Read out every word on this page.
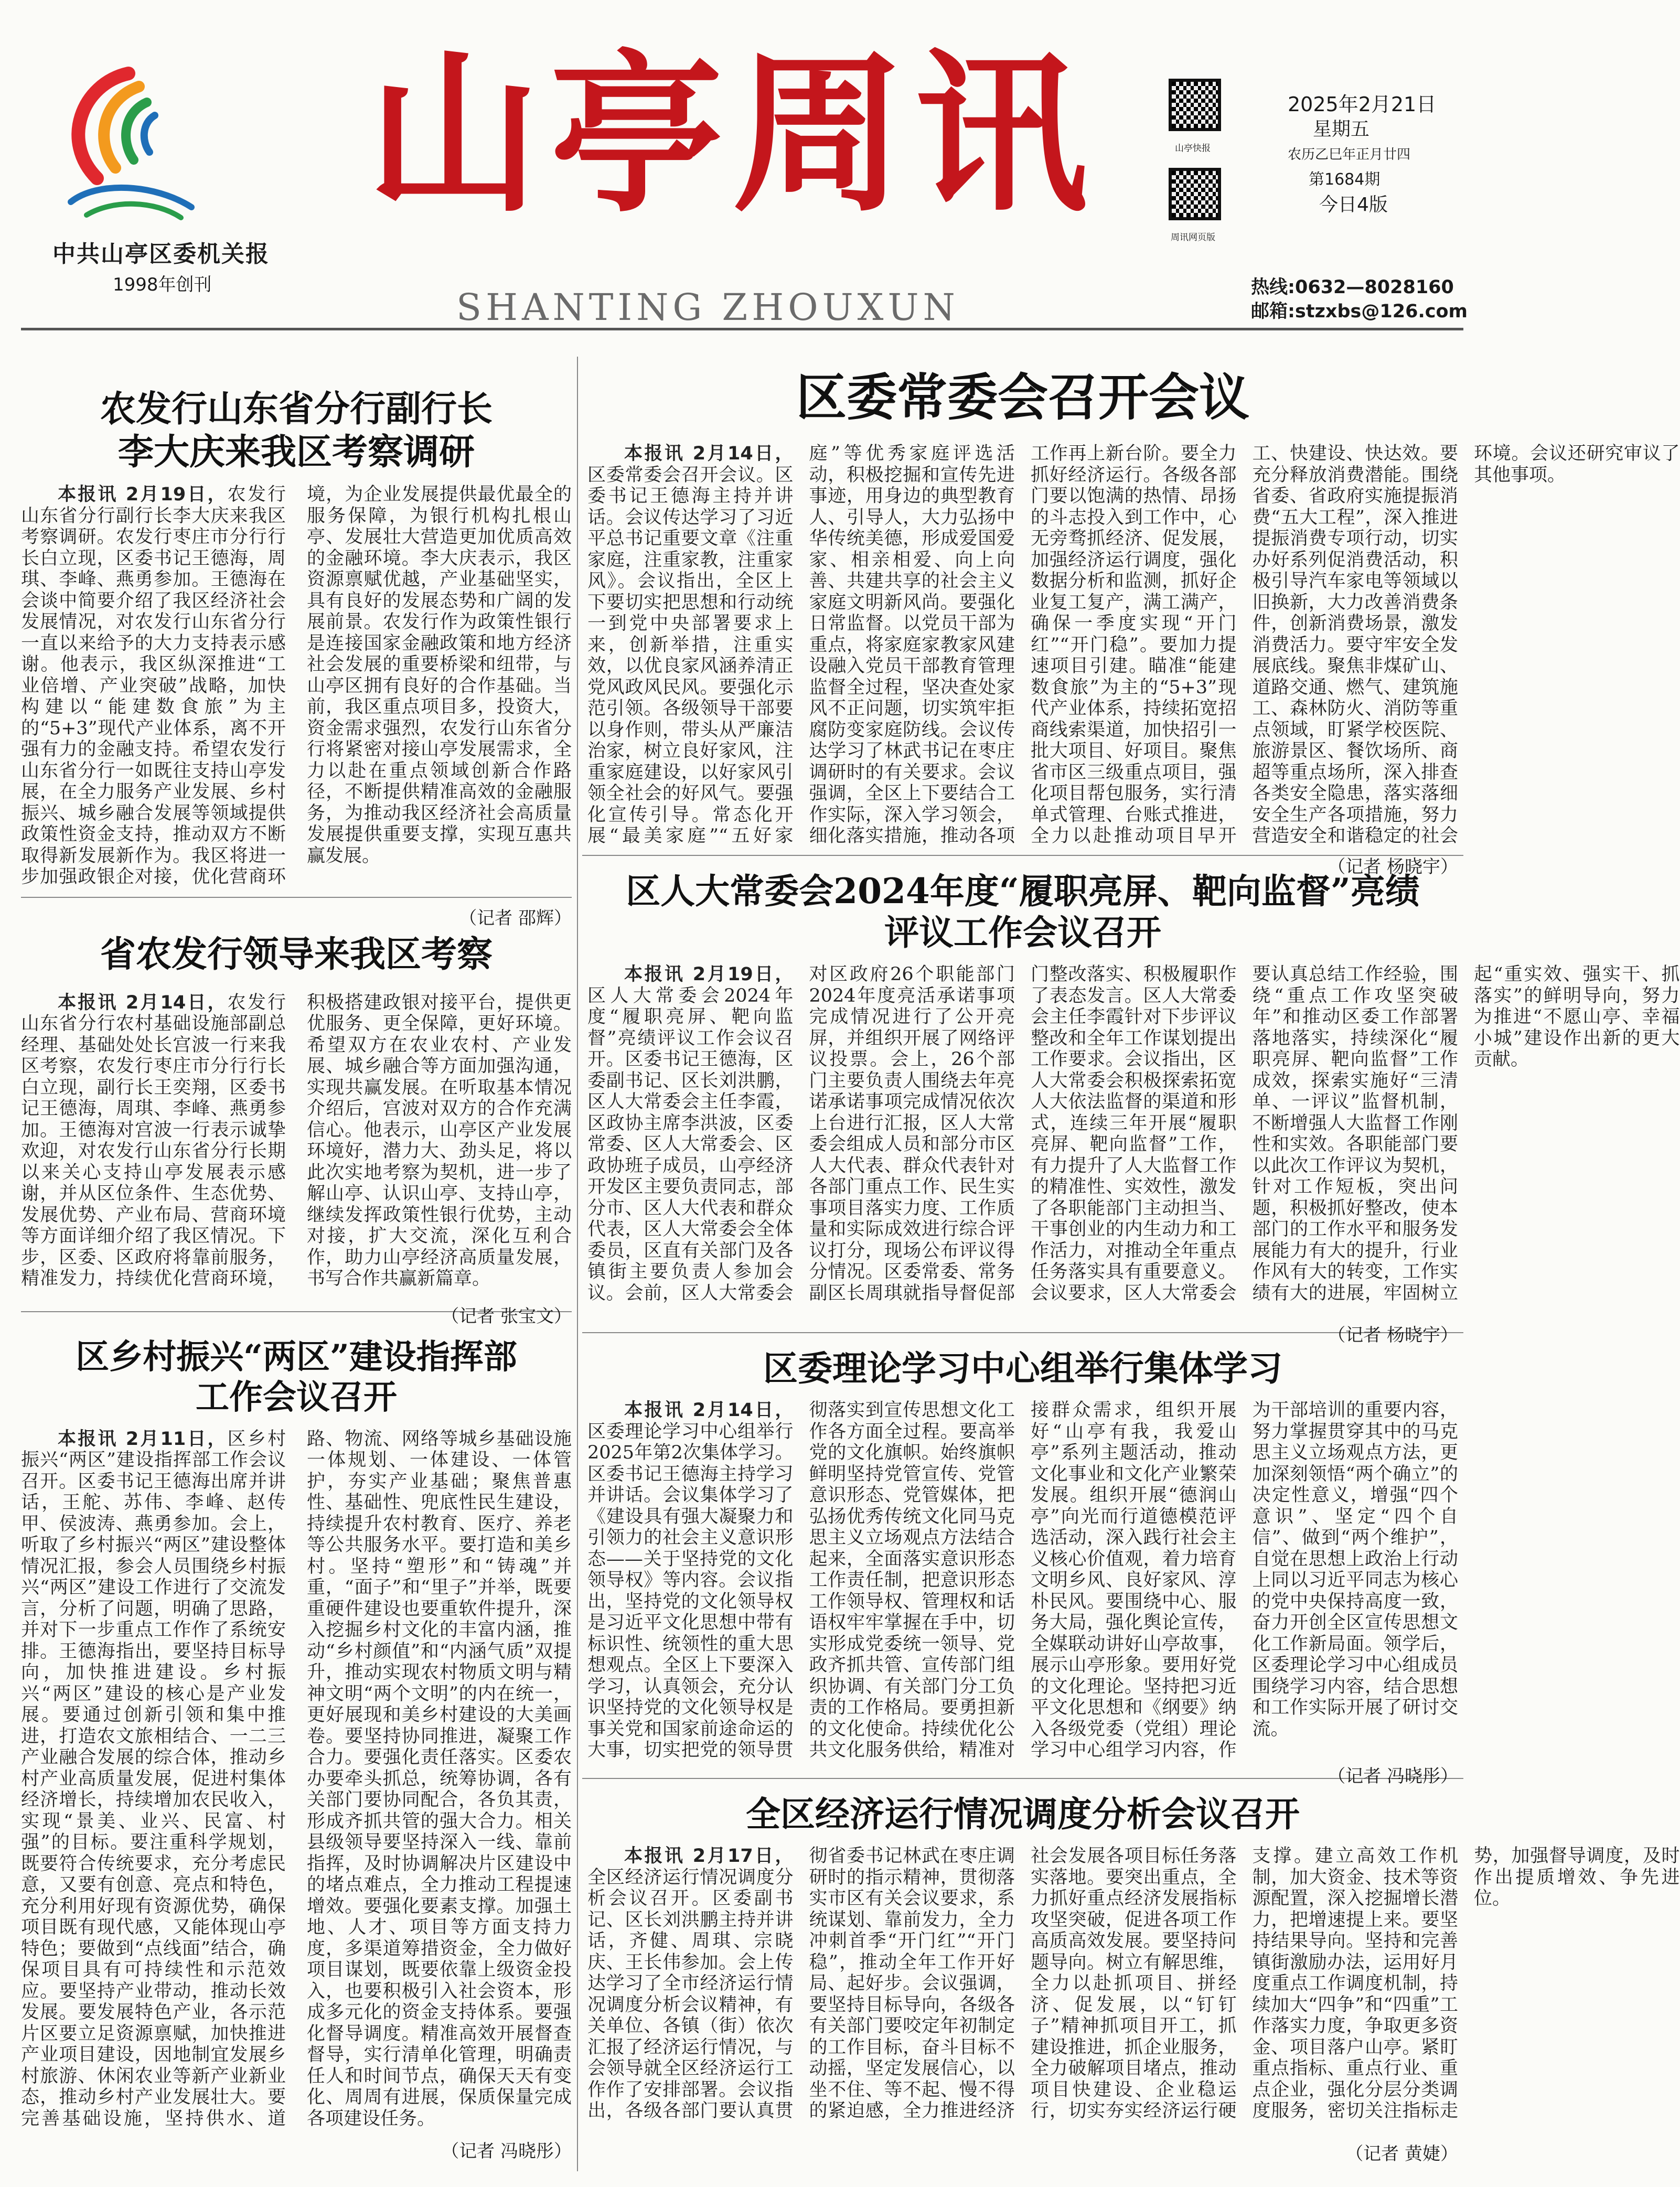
中共山亭区委机关报
1998年创刊
山亭周讯
SHANTING ZHOUXUN
山亭快报
周讯网页版
2025年2月21日
星期五
农历乙巳年正月廿四
第1684期
今日4版
热线:0632—8028160
邮箱:stzxbs@126.com
农发行山东省分行副行长
李大庆来我区考察调研

本报讯 2月19日，农发行山东省分行副行长李大庆来我区考察调研。农发行枣庄市分行行长白立现，区委书记王德海，周琪、李峰、燕勇参加。王德海在会谈中简要介绍了我区经济社会发展情况，对农发行山东省分行一直以来给予的大力支持表示感谢。他表示，我区纵深推进“工业倍增、产业突破”战略，加快构建以“能建数食旅”为主的“5+3”现代产业体系，离不开强有力的金融支持。希望农发行山东省分行一如既往支持山亭发展，在全力服务产业发展、乡村振兴、城乡融合发展等领域提供政策性资金支持，推动双方不断取得新发展新作为。我区将进一步加强政银企对接，优化营商环境，为企业发展提供最优最全的服务保障，为银行机构扎根山亭、发展壮大营造更加优质高效的金融环境。李大庆表示，我区资源禀赋优越，产业基础坚实，具有良好的发展态势和广阔的发展前景。农发行作为政策性银行是连接国家金融政策和地方经济社会发展的重要桥梁和纽带，与山亭区拥有良好的合作基础。当前，我区重点项目多，投资大，资金需求强烈，农发行山东省分行将紧密对接山亭发展需求，全力以赴在重点领域创新合作路径，不断提供精准高效的金融服务，为推动我区经济社会高质量发展提供重要支撑，实现互惠共赢发展。

（记者 邵辉）
省农发行领导来我区考察

本报讯 2月14日，农发行山东省分行农村基础设施部副总经理、基础处处长宫波一行来我区考察，农发行枣庄市分行行长白立现，副行长王奕翔，区委书记王德海，周琪、李峰、燕勇参加。王德海对宫波一行表示诚挚欢迎，对农发行山东省分行长期以来关心支持山亭发展表示感谢，并从区位条件、生态优势、发展优势、产业布局、营商环境等方面详细介绍了我区情况。下步，区委、区政府将靠前服务，精准发力，持续优化营商环境，积极搭建政银对接平台，提供更优服务、更全保障，更好环境。希望双方在农业农村、产业发展、城乡融合等方面加强沟通，实现共赢发展。在听取基本情况介绍后，宫波对双方的合作充满信心。他表示，山亭区产业发展环境好，潜力大、劲头足，将以此次实地考察为契机，进一步了解山亭、认识山亭、支持山亭，继续发挥政策性银行优势，主动对接，扩大交流，深化互利合作，助力山亭经济高质量发展，书写合作共赢新篇章。

（记者 张宝文）
区乡村振兴“两区”建设指挥部
工作会议召开

本报讯 2月11日，区乡村振兴“两区”建设指挥部工作会议召开。区委书记王德海出席并讲话，王舵、苏伟、李峰、赵传甲、侯波涛、燕勇参加。会上，听取了乡村振兴“两区”建设整体情况汇报，参会人员围绕乡村振兴“两区”建设工作进行了交流发言，分析了问题，明确了思路，并对下一步重点工作作了系统安排。王德海指出，要坚持目标导向，加快推进建设。乡村振兴“两区”建设的核心是产业发展。要通过创新引领和集中推进，打造农文旅相结合、一二三产业融合发展的综合体，推动乡村产业高质量发展，促进村集体经济增长，持续增加农民收入，实现“景美、业兴、民富、村强”的目标。要注重科学规划，既要符合传统要求，充分考虑民意，又要有创意、亮点和特色，充分利用好现有资源优势，确保项目既有现代感，又能体现山亭特色；要做到“点线面”结合，确保项目具有可持续性和示范效应。要坚持产业带动，推动长效发展。要发展特色产业，各示范片区要立足资源禀赋，加快推进产业项目建设，因地制宜发展乡村旅游、休闲农业等新产业新业态，推动乡村产业发展壮大。要完善基础设施，坚持供水、道路、物流、网络等城乡基础设施一体规划、一体建设、一体管护，夯实产业基础；聚焦普惠性、基础性、兜底性民生建设，持续提升农村教育、医疗、养老等公共服务水平。要打造和美乡村。坚持“塑形”和“铸魂”并重，“面子”和“里子”并举，既要重硬件建设也要重软件提升，深入挖掘乡村文化的丰富内涵，推动“乡村颜值”和“内涵气质”双提升，推动实现农村物质文明与精神文明“两个文明”的内在统一，更好展现和美乡村建设的大美画卷。要坚持协同推进，凝聚工作合力。要强化责任落实。区委农办要牵头抓总，统筹协调，各有关部门要协同配合，各负其责，形成齐抓共管的强大合力。相关县级领导要坚持深入一线、靠前指挥，及时协调解决片区建设中的堵点难点，全力推动工程提速增效。要强化要素支撑。加强土地、人才、项目等方面支持力度，多渠道筹措资金，全力做好项目谋划，既要依靠上级资金投入，也要积极引入社会资本，形成多元化的资金支持体系。要强化督导调度。精准高效开展督查督导，实行清单化管理，明确责任人和时间节点，确保天天有变化、周周有进展，保质保量完成各项建设任务。

（记者 冯晓彤）
区委常委会召开会议

本报讯 2月14日，区委常委会召开会议。区委书记王德海主持并讲话。会议传达学习了习近平总书记重要文章《注重家庭，注重家教，注重家风》。会议指出，全区上下要切实把思想和行动统一到党中央部署要求上来，创新举措，注重实效，以优良家风涵养清正党风政风民风。要强化示范引领。各级领导干部要以身作则，带头从严廉洁治家，树立良好家风，注重家庭建设，以好家风引领全社会的好风气。要强化宣传引导。常态化开展“最美家庭”“五好家庭”等优秀家庭评选活动，积极挖掘和宣传先进事迹，用身边的典型教育人、引导人，大力弘扬中华传统美德，形成爱国爱家、相亲相爱、向上向善、共建共享的社会主义家庭文明新风尚。要强化日常监督。以党员干部为重点，将家庭家教家风建设融入党员干部教育管理监督全过程，坚决查处家风不正问题，切实筑牢拒腐防变家庭防线。会议传达学习了林武书记在枣庄调研时的有关要求。会议强调，全区上下要结合工作实际，深入学习领会，细化落实措施，推动各项工作再上新台阶。要全力抓好经济运行。各级各部门要以饱满的热情、昂扬的斗志投入到工作中，心无旁骛抓经济、促发展，加强经济运行调度，强化数据分析和监测，抓好企业复工复产，满工满产，确保一季度实现“开门红”“开门稳”。要加力提速项目引建。瞄准“能建数食旅”为主的“5+3”现代产业体系，持续拓宽招商线索渠道，加快招引一批大项目、好项目。聚焦省市区三级重点项目，强化项目帮包服务，实行清单式管理、台账式推进，全力以赴推动项目早开工、快建设、快达效。要充分释放消费潜能。围绕省委、省政府实施提振消费“五大工程”，深入推进提振消费专项行动，切实办好系列促消费活动，积极引导汽车家电等领域以旧换新，大力改善消费条件，创新消费场景，激发消费活力。要守牢安全发展底线。聚焦非煤矿山、道路交通、燃气、建筑施工、森林防火、消防等重点领域，盯紧学校医院、旅游景区、餐饮场所、商超等重点场所，深入排查各类安全隐患，落实落细安全生产各项措施，努力营造安全和谐稳定的社会环境。会议还研究审议了其他事项。

（记者 杨晓宇）
区人大常委会2024年度“履职亮屏、靶向监督”亮绩
评议工作会议召开

本报讯 2月19日，区人大常委会2024年度“履职亮屏、靶向监督”亮绩评议工作会议召开。区委书记王德海，区委副书记、区长刘洪鹏，区人大常委会主任李霞，区政协主席李洪波，区委常委、区人大常委会、区政协班子成员，山亭经济开发区主要负责同志，部分市、区人大代表和群众代表，区人大常委会全体委员，区直有关部门及各镇街主要负责人参加会议。会前，区人大常委会对区政府26个职能部门2024年度亮活承诺事项完成情况进行了公开亮屏，并组织开展了网络评议投票。会上，26个部门主要负责人围绕去年亮诺承诺事项完成情况依次上台进行汇报，区人大常委会组成人员和部分市区人大代表、群众代表针对各部门重点工作、民生实事项目落实力度、工作质量和实际成效进行综合评议打分，现场公布评议得分情况。区委常委、常务副区长周琪就指导督促部门整改落实、积极履职作了表态发言。区人大常委会主任李霞针对下步评议整改和全年工作谋划提出工作要求。会议指出，区人大常委会积极探索拓宽人大依法监督的渠道和形式，连续三年开展“履职亮屏、靶向监督”工作，有力提升了人大监督工作的精准性、实效性，激发了各职能部门主动担当、干事创业的内生动力和工作活力，对推动全年重点任务落实具有重要意义。会议要求，区人大常委会要认真总结工作经验，围绕“重点工作攻坚突破年”和推动区委工作部署落地落实，持续深化“履职亮屏、靶向监督”工作成效，探索实施好“三清单、一评议”监督机制，不断增强人大监督工作刚性和实效。各职能部门要以此次工作评议为契机，针对工作短板，突出问题，积极抓好整改，使本部门的工作水平和服务发展能力有大的提升，行业作风有大的转变，工作实绩有大的进展，牢固树立起“重实效、强实干、抓落实”的鲜明导向，努力为推进“不愿山亭、幸福小城”建设作出新的更大贡献。

（记者 杨晓宇）
区委理论学习中心组举行集体学习

本报讯 2月14日，区委理论学习中心组举行2025年第2次集体学习。区委书记王德海主持学习并讲话。会议集体学习了《建设具有强大凝聚力和引领力的社会主义意识形态——关于坚持党的文化领导权》等内容。会议指出，坚持党的文化领导权是习近平文化思想中带有标识性、统领性的重大思想观点。全区上下要深入学习，认真领会，充分认识坚持党的文化领导权是事关党和国家前途命运的大事，切实把党的领导贯彻落实到宣传思想文化工作各方面全过程。要高举党的文化旗帜。始终旗帜鲜明坚持党管宣传、党管意识形态、党管媒体，把弘扬优秀传统文化同马克思主义立场观点方法结合起来，全面落实意识形态工作责任制，把意识形态工作领导权、管理权和话语权牢牢掌握在手中，切实形成党委统一领导、党政齐抓共管、宣传部门组织协调、有关部门分工负责的工作格局。要勇担新的文化使命。持续优化公共文化服务供给，精准对接群众需求，组织开展好“山亭有我，我爱山亭”系列主题活动，推动文化事业和文化产业繁荣发展。组织开展“德润山亭”向光而行道德模范评选活动，深入践行社会主义核心价值观，着力培育文明乡风、良好家风、淳朴民风。要围绕中心、服务大局，强化舆论宣传，全媒联动讲好山亭故事，展示山亭形象。要用好党的文化理论。坚持把习近平文化思想和《纲要》纳入各级党委（党组）理论学习中心组学习内容，作为干部培训的重要内容，努力掌握贯穿其中的马克思主义立场观点方法，更加深刻领悟“两个确立”的决定性意义，增强“四个意识”、坚定“四个自信”、做到“两个维护”，自觉在思想上政治上行动上同以习近平同志为核心的党中央保持高度一致，奋力开创全区宣传思想文化工作新局面。领学后，区委理论学习中心组成员围绕学习内容，结合思想和工作实际开展了研讨交流。

（记者 冯晓彤）
全区经济运行情况调度分析会议召开

本报讯 2月17日，全区经济运行情况调度分析会议召开。区委副书记、区长刘洪鹏主持并讲话，齐健、周琪、宗晓庆、王长伟参加。会上传达学习了全市经济运行情况调度分析会议精神，有关单位、各镇（街）依次汇报了经济运行情况，与会领导就全区经济运行工作作了安排部署。会议指出，各级各部门要认真贯彻省委书记林武在枣庄调研时的指示精神，贯彻落实市区有关会议要求，系统谋划、靠前发力，全力冲刺首季“开门红”“开门稳”，推动全年工作开好局、起好步。会议强调，要坚持目标导向，各级各有关部门要咬定年初制定的工作目标，奋斗目标不动摇，坚定发展信心，以坐不住、等不起、慢不得的紧迫感，全力推进经济社会发展各项目标任务落实落地。要突出重点，全力抓好重点经济发展指标攻坚突破，促进各项工作高质高效发展。要坚持问题导向。树立有解思维，全力以赴抓项目、拼经济、促发展，以“钉钉子”精神抓项目开工，抓建设推进，抓企业服务，全力破解项目堵点，推动项目快建设、企业稳运行，切实夯实经济运行硬支撑。建立高效工作机制，加大资金、技术等资源配置，深入挖掘增长潜力，把增速提上来。要坚持结果导向。坚持和完善镇街激励办法，运用好月度重点工作调度机制，持续加大“四争”和“四重”工作落实力度，争取更多资金、项目落户山亭。紧盯重点指标、重点行业、重点企业，强化分层分类调度服务，密切关注指标走势，加强督导调度，及时作出提质增效、争先进位。

（记者 黄婕）
